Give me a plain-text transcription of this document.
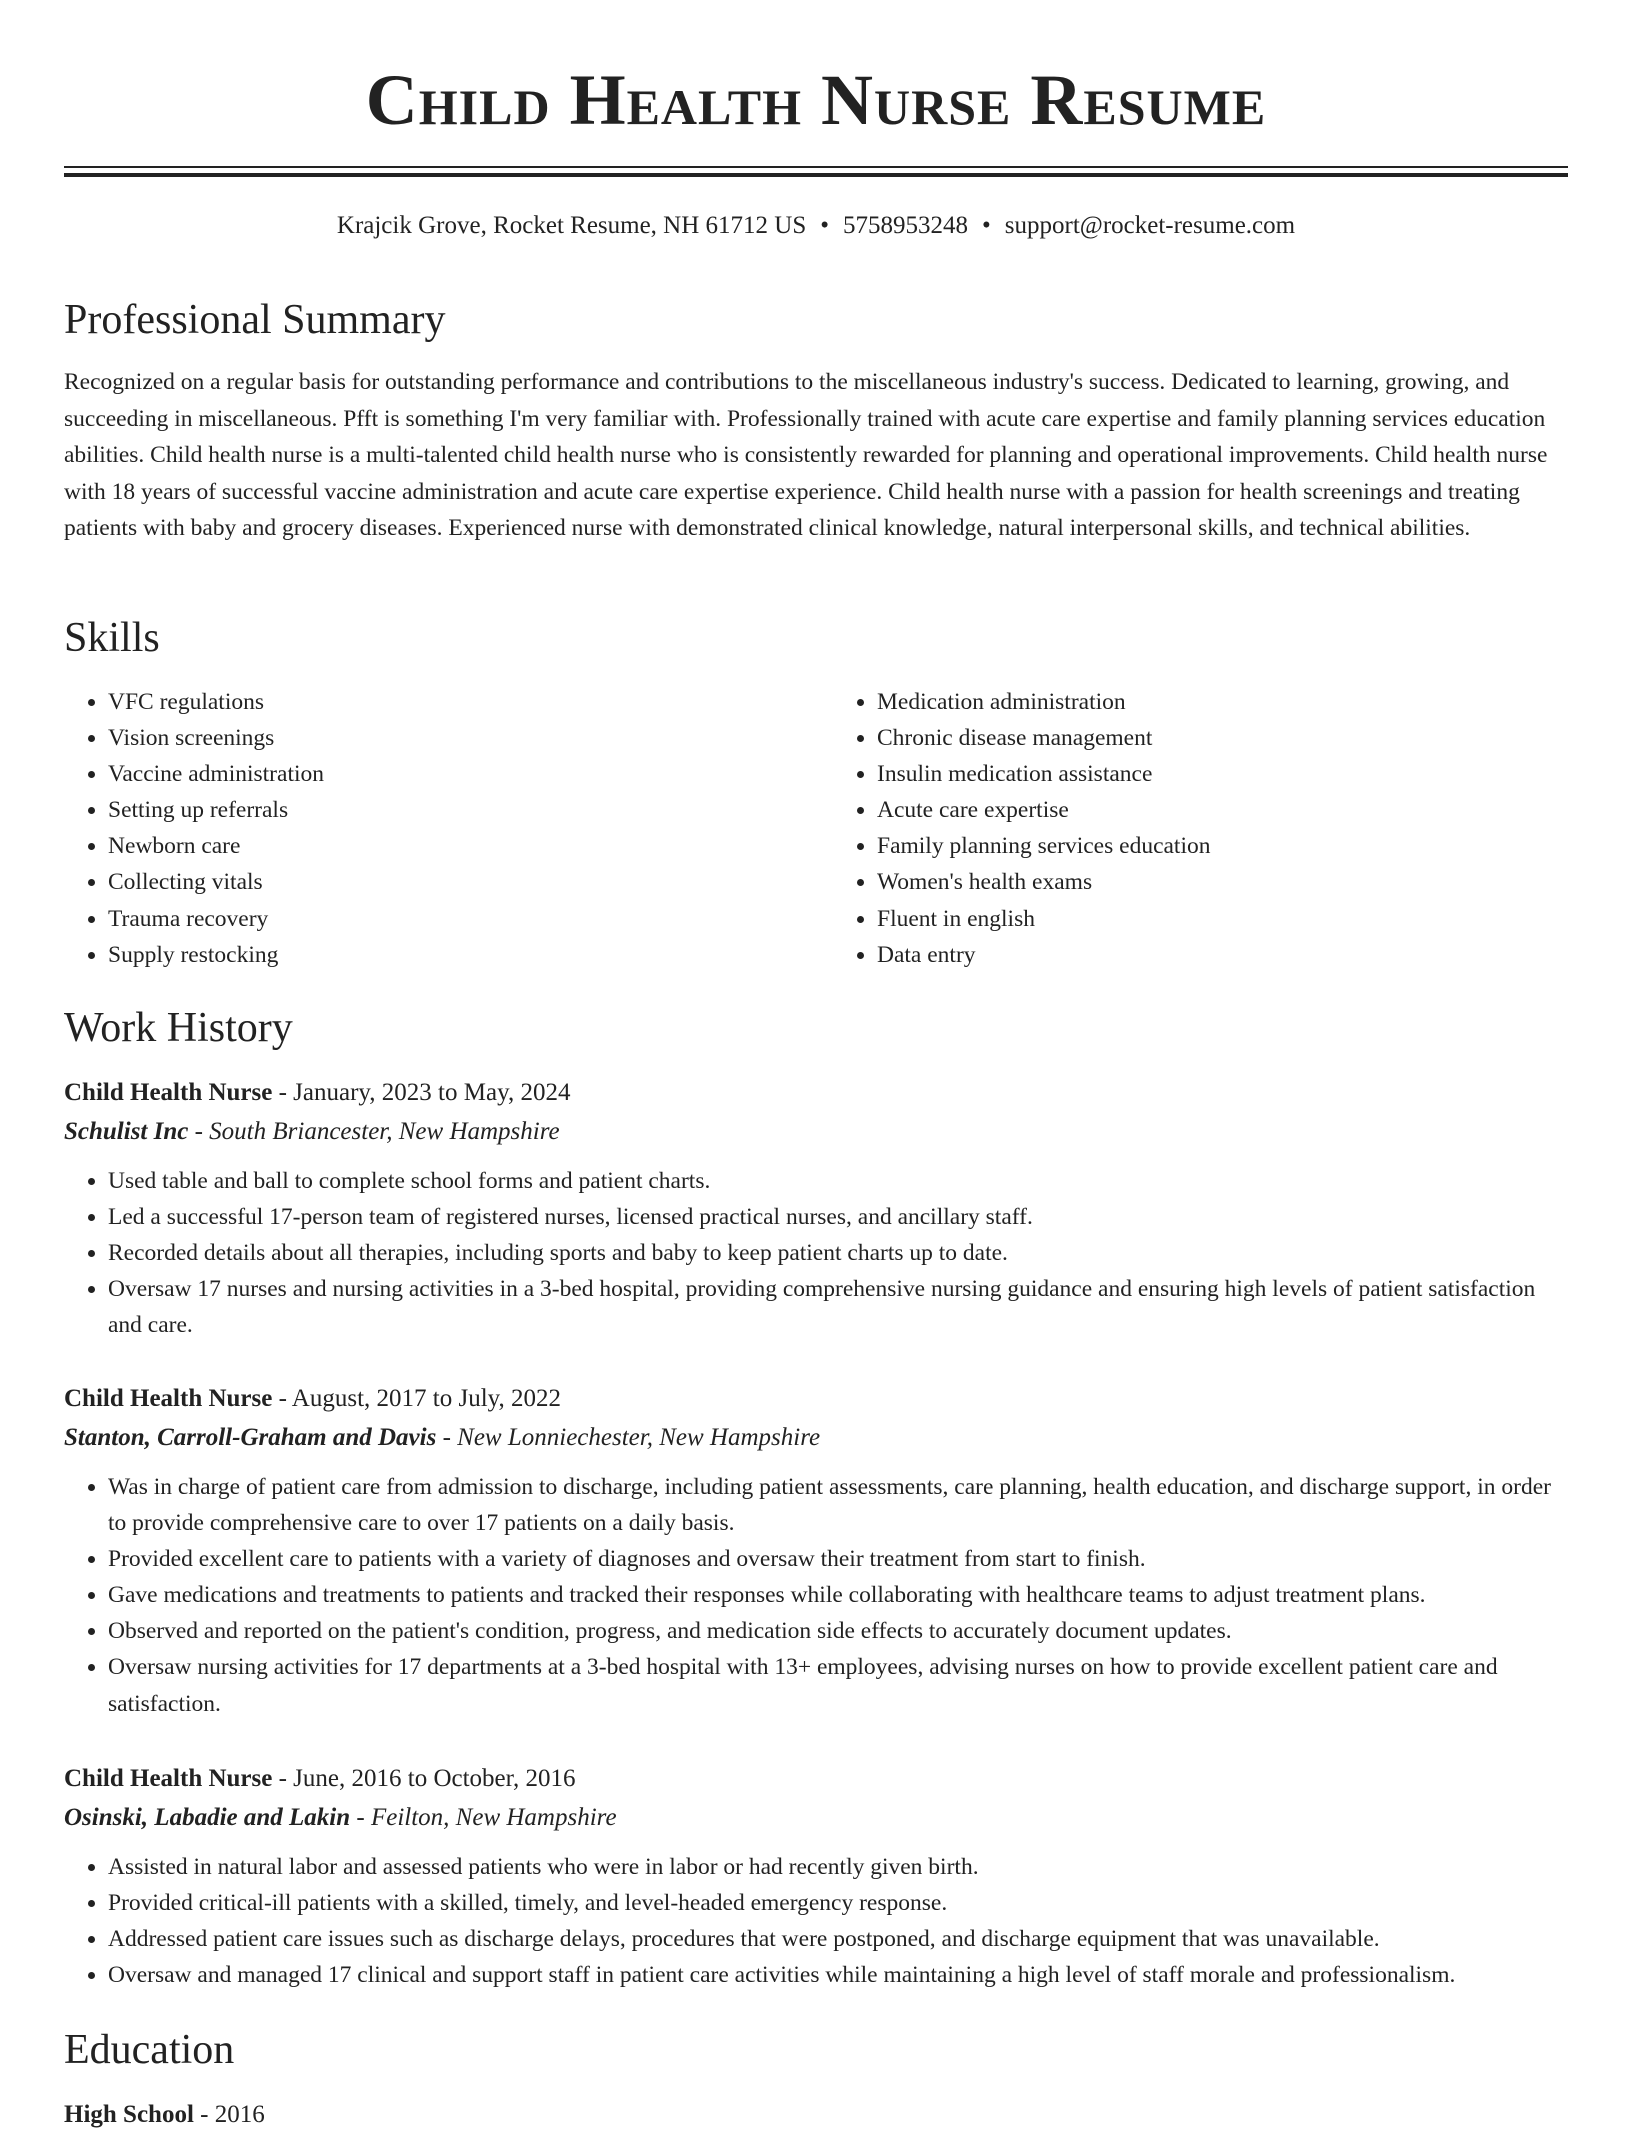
Child Health Nurse Resume
Krajcik Grove, Rocket Resume, NH 61712 US • 5758953248 • support@rocket-resume.com
Professional Summary

Recognized on a regular basis for outstanding performance and contributions to the miscellaneous industry's success. Dedicated to learning, growing, and succeeding in miscellaneous. Pfft is something I'm very familiar with. Professionally trained with acute care expertise and family planning services education abilities. Child health nurse is a multi-talented child health nurse who is consistently rewarded for planning and operational improvements. Child health nurse with 18 years of successful vaccine administration and acute care expertise experience. Child health nurse with a passion for health screenings and treating patients with baby and grocery diseases. Experienced nurse with demonstrated clinical knowledge, natural interpersonal skills, and technical abilities.

Skills
• VFC regulations
• Vision screenings
• Vaccine administration
• Setting up referrals
• Newborn care
• Collecting vitals
• Trauma recovery
• Supply restocking
• Medication administration
• Chronic disease management
• Insulin medication assistance
• Acute care expertise
• Family planning services education
• Women's health exams
• Fluent in english
• Data entry
Work History
Child Health Nurse - January, 2023 to May, 2024
Schulist Inc - South Briancester, New Hampshire
• Used table and ball to complete school forms and patient charts.
• Led a successful 17-person team of registered nurses, licensed practical nurses, and ancillary staff.
• Recorded details about all therapies, including sports and baby to keep patient charts up to date.
• Oversaw 17 nurses and nursing activities in a 3-bed hospital, providing comprehensive nursing guidance and ensuring high levels of patient satisfaction and care.
Child Health Nurse - August, 2017 to July, 2022
Stanton, Carroll-Graham and Davis - New Lonniechester, New Hampshire
• Was in charge of patient care from admission to discharge, including patient assessments, care planning, health education, and discharge support, in order to provide comprehensive care to over 17 patients on a daily basis.
• Provided excellent care to patients with a variety of diagnoses and oversaw their treatment from start to finish.
• Gave medications and treatments to patients and tracked their responses while collaborating with healthcare teams to adjust treatment plans.
• Observed and reported on the patient's condition, progress, and medication side effects to accurately document updates.
• Oversaw nursing activities for 17 departments at a 3-bed hospital with 13+ employees, advising nurses on how to provide excellent patient care and satisfaction.
Child Health Nurse - June, 2016 to October, 2016
Osinski, Labadie and Lakin - Feilton, New Hampshire
• Assisted in natural labor and assessed patients who were in labor or had recently given birth.
• Provided critical-ill patients with a skilled, timely, and level-headed emergency response.
• Addressed patient care issues such as discharge delays, procedures that were postponed, and discharge equipment that was unavailable.
• Oversaw and managed 17 clinical and support staff in patient care activities while maintaining a high level of staff morale and professionalism.
Education
High School - 2016
